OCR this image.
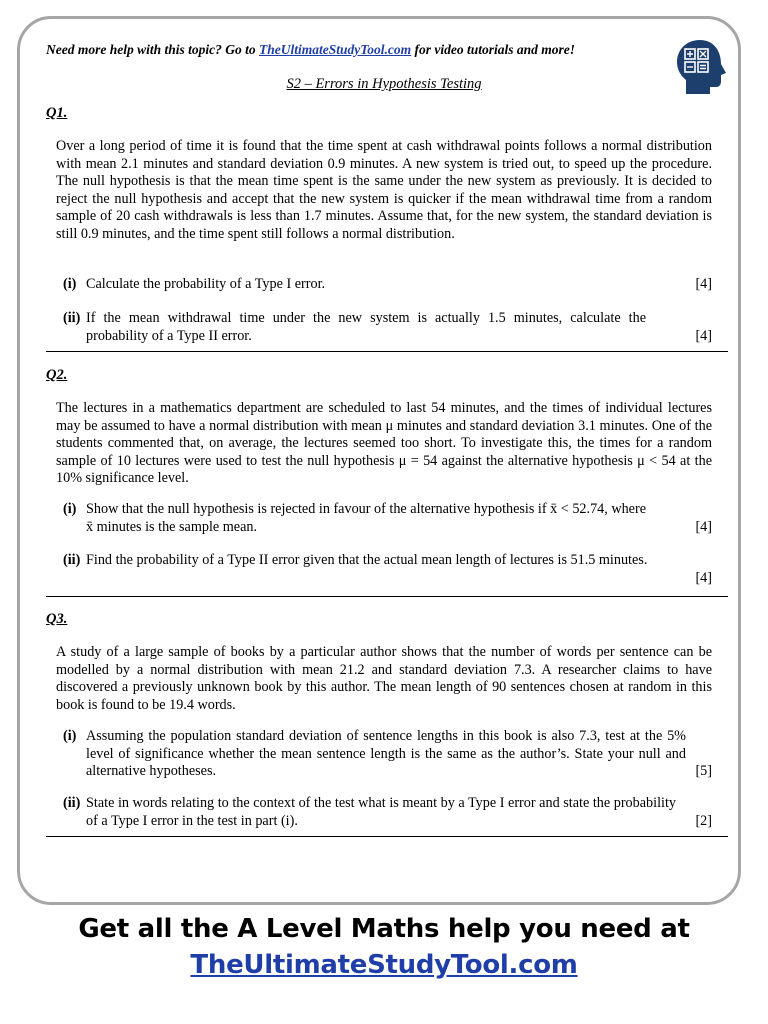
Need more help with this topic? Go to TheUltimateStudyTool.com for video tutorials and more!
S2 – Errors in Hypothesis Testing
Q1.
Over a long period of time it is found that the time spent at cash withdrawal points follows a normal distribution with mean 2.1 minutes and standard deviation 0.9 minutes. A new system is tried out, to speed up the procedure. The null hypothesis is that the mean time spent is the same under the new system as previously. It is decided to reject the null hypothesis and accept that the new system is quicker if the mean withdrawal time from a random sample of 20 cash withdrawals is less than 1.7 minutes. Assume that, for the new system, the standard deviation is still 0.9 minutes, and the time spent still follows a normal distribution.
(i) Calculate the probability of a Type I error.	[4]
(ii) If the mean withdrawal time under the new system is actually 1.5 minutes, calculate the probability of a Type II error.	[4]
Q2.
The lectures in a mathematics department are scheduled to last 54 minutes, and the times of individual lectures may be assumed to have a normal distribution with mean μ minutes and standard deviation 3.1 minutes. One of the students commented that, on average, the lectures seemed too short. To investigate this, the times for a random sample of 10 lectures were used to test the null hypothesis μ = 54 against the alternative hypothesis μ < 54 at the 10% significance level.
(i) Show that the null hypothesis is rejected in favour of the alternative hypothesis if x̄ < 52.74, where x̄ minutes is the sample mean.	[4]
(ii) Find the probability of a Type II error given that the actual mean length of lectures is 51.5 minutes.
[4]
Q3.
A study of a large sample of books by a particular author shows that the number of words per sentence can be modelled by a normal distribution with mean 21.2 and standard deviation 7.3. A researcher claims to have discovered a previously unknown book by this author. The mean length of 90 sentences chosen at random in this book is found to be 19.4 words.
(i) Assuming the population standard deviation of sentence lengths in this book is also 7.3, test at the 5% level of significance whether the mean sentence length is the same as the author’s. State your null and alternative hypotheses.	[5]
(ii) State in words relating to the context of the test what is meant by a Type I error and state the probability of a Type I error in the test in part (i).	[2]
Get all the A Level Maths help you need at
TheUltimateStudyTool.com
